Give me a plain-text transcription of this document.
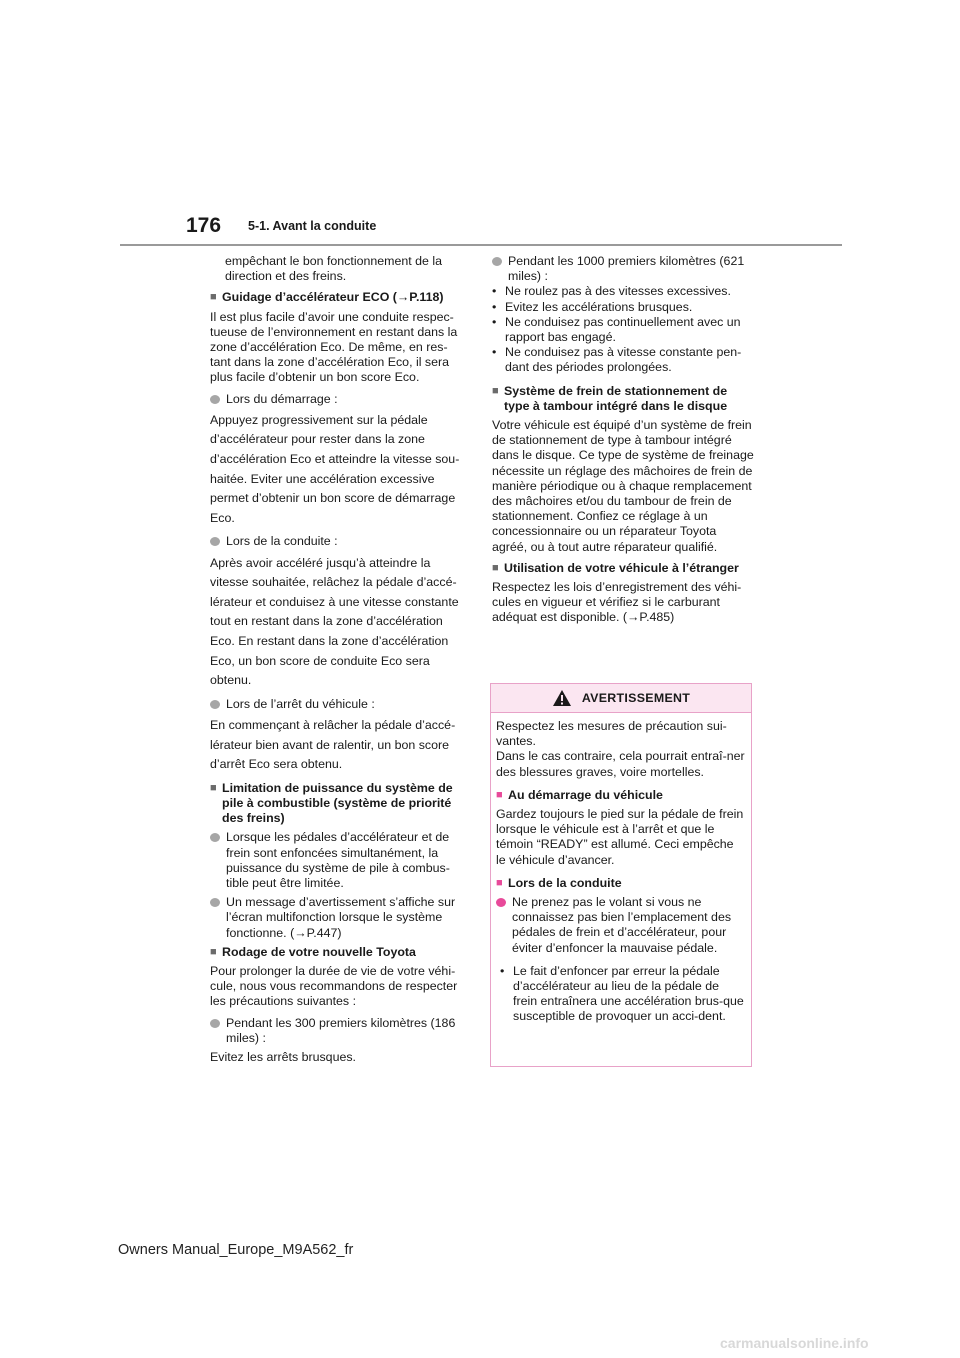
176 5-1. Avant la conduite

empêchant le bon fonctionnement de la direction et des freins.

■ Guidage d’accélérateur ECO (→P.118)

Il est plus facile d’avoir une conduite respec-tueuse de l’environnement en restant dans la zone d’accélération Eco. De même, en res-tant dans la zone d’accélération Eco, il sera plus facile d’obtenir un bon score Eco.

Lors du démarrage :

Appuyez progressivement sur la pédale d’accélérateur pour rester dans la zone d’accélération Eco et atteindre la vitesse sou-haitée. Eviter une accélération excessive permet d’obtenir un bon score de démarrage Eco.

Lors de la conduite :

Après avoir accéléré jusqu’à atteindre la vitesse souhaitée, relâchez la pédale d’accé-lérateur et conduisez à une vitesse constante tout en restant dans la zone d’accélération Eco. En restant dans la zone d’accélération Eco, un bon score de conduite Eco sera obtenu.

Lors de l’arrêt du véhicule :

En commençant à relâcher la pédale d’accé-lérateur bien avant de ralentir, un bon score d’arrêt Eco sera obtenu.

■ Limitation de puissance du système de pile à combustible (système de priorité des freins)
Lorsque les pédales d’accélérateur et de frein sont enfoncées simultanément, la puissance du système de pile à combus-tible peut être limitée.
Un message d’avertissement s’affiche sur l’écran multifonction lorsque le système fonctionne. (→P.447)
■ Rodage de votre nouvelle Toyota

Pour prolonger la durée de vie de votre véhi-cule, nous vous recommandons de respecter les précautions suivantes :

Pendant les 300 premiers kilomètres (186 miles) :

Evitez les arrêts brusques.

Pendant les 1000 premiers kilomètres (621 miles) :
• Ne roulez pas à des vitesses excessives.
• Evitez les accélérations brusques.
• Ne conduisez pas continuellement avec un rapport bas engagé.
• Ne conduisez pas à vitesse constante pen-dant des périodes prolongées.
■ Système de frein de stationnement de type à tambour intégré dans le disque

Votre véhicule est équipé d’un système de frein de stationnement de type à tambour intégré dans le disque. Ce type de système de freinage nécessite un réglage des mâchoires de frein de manière périodique ou à chaque remplacement des mâchoires et/ou du tambour de frein de stationnement. Confiez ce réglage à un concessionnaire ou un réparateur Toyota agréé, ou à tout autre réparateur qualifié.

■ Utilisation de votre véhicule à l’étranger

Respectez les lois d’enregistrement des véhi-cules en vigueur et vérifiez si le carburant adéquat est disponible. (→P.485)

AVERTISSEMENT

Respectez les mesures de précaution sui-vantes.

Dans le cas contraire, cela pourrait entraî-ner des blessures graves, voire mortelles.

■ Au démarrage du véhicule

Gardez toujours le pied sur la pédale de frein lorsque le véhicule est à l’arrêt et que le témoin “READY” est allumé. Ceci empêche le véhicule d’avancer.

■ Lors de la conduite
Ne prenez pas le volant si vous ne connaissez pas bien l’emplacement des pédales de frein et d’accélérateur, pour éviter d’enfoncer la mauvaise pédale.
• Le fait d’enfoncer par erreur la pédale d’accélérateur au lieu de la pédale de frein entraînera une accélération brus-que susceptible de provoquer un acci-dent.
Owners Manual_Europe_M9A562_fr
carmanualsonline.info
